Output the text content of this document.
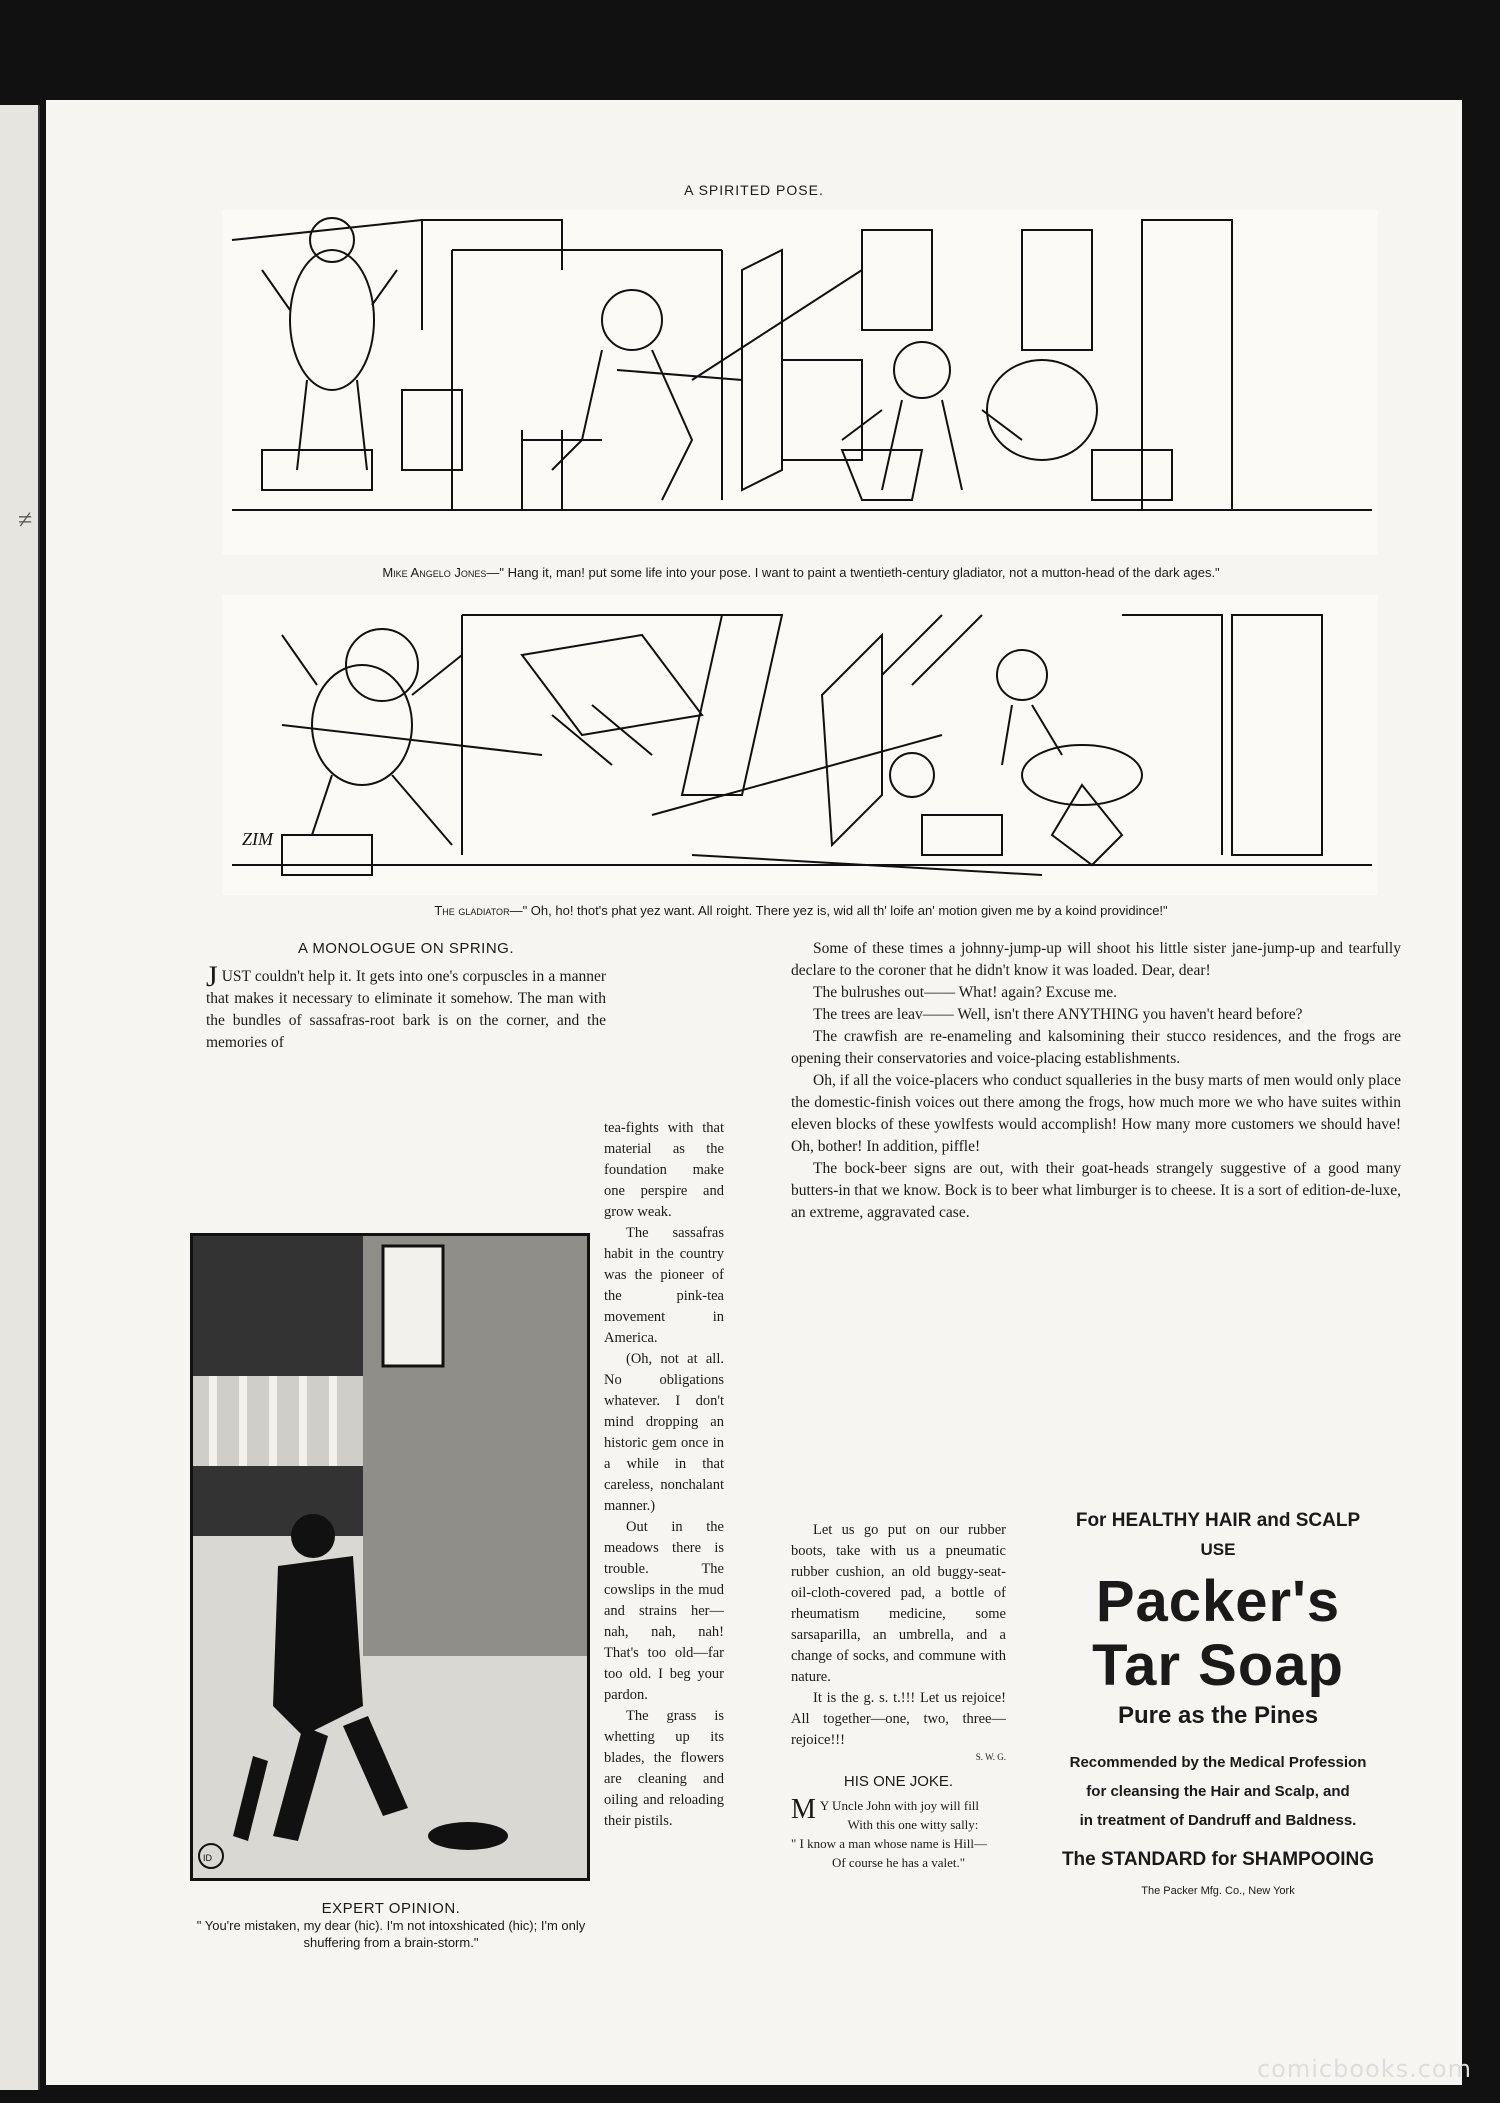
≠
A SPIRITED POSE.
Mike Angelo Jones—" Hang it, man! put some life into your pose. I want to paint a twentieth-century gladiator, not a mutton-head of the dark ages."
ZIM
The gladiator—" Oh, ho! thot's phat yez want. All roight. There yez is, wid all th' loife an' motion given me by a koind providince!"
A MONOLOGUE ON SPRING.

JUST couldn't help it. It gets into one's corpuscles in a manner that makes it necessary to eliminate it somehow. The man with the bundles of sassafras-root bark is on the corner, and the memories of

tea-fights with that material as the foundation make one perspire and grow weak.

The sassafras habit in the country was the pioneer of the pink-tea movement in America.

(Oh, not at all. No obligations whatever. I don't mind dropping an historic gem once in a while in that careless, nonchalant manner.)

Out in the meadows there is trouble. The cowslips in the mud and strains her—nah, nah, nah! That's too old—far too old. I beg your pardon.

The grass is whetting up its blades, the flowers are cleaning and oiling and reloading their pistils.

ID
EXPERT OPINION.
" You're mistaken, my dear (hic). I'm not intoxshicated (hic); I'm only shuffering from a brain-storm."

Some of these times a johnny-jump-up will shoot his little sister jane-jump-up and tearfully declare to the coroner that he didn't know it was loaded. Dear, dear!

The bulrushes out—— What! again? Excuse me.

The trees are leav—— Well, isn't there ANYTHING you haven't heard before?

The crawfish are re-enameling and kalsomining their stucco residences, and the frogs are opening their conservatories and voice-placing establishments.

Oh, if all the voice-placers who conduct squalleries in the busy marts of men would only place the domestic-finish voices out there among the frogs, how much more we who have suites within eleven blocks of these yowlfests would accomplish! How many more customers we should have! Oh, bother! In addition, piffle!

The bock-beer signs are out, with their goat-heads strangely suggestive of a good many butters-in that we know. Bock is to beer what limburger is to cheese. It is a sort of edition-de-luxe, an extreme, aggravated case.

Let us go put on our rubber boots, take with us a pneumatic rubber cushion, an old buggy-seat-oil-cloth-covered pad, a bottle of rheumatism medicine, some sarsaparilla, an umbrella, and a change of socks, and commune with nature.

It is the g. s. t.!!! Let us rejoice! All together—one, two, three—rejoice!!!

S. W. G.
HIS ONE JOKE.
M Y Uncle John with joy will fill
With this one witty sally:
" I know a man whose name is Hill—
Of course he has a valet."
For HEALTHY HAIR and SCALP
USE
Packer's
Tar Soap
Pure as the Pines
Recommended by the Medical Profession
for cleansing the Hair and Scalp, and
in treatment of Dandruff and Baldness.
The STANDARD for SHAMPOOING
The Packer Mfg. Co., New York
comicbooks.com
